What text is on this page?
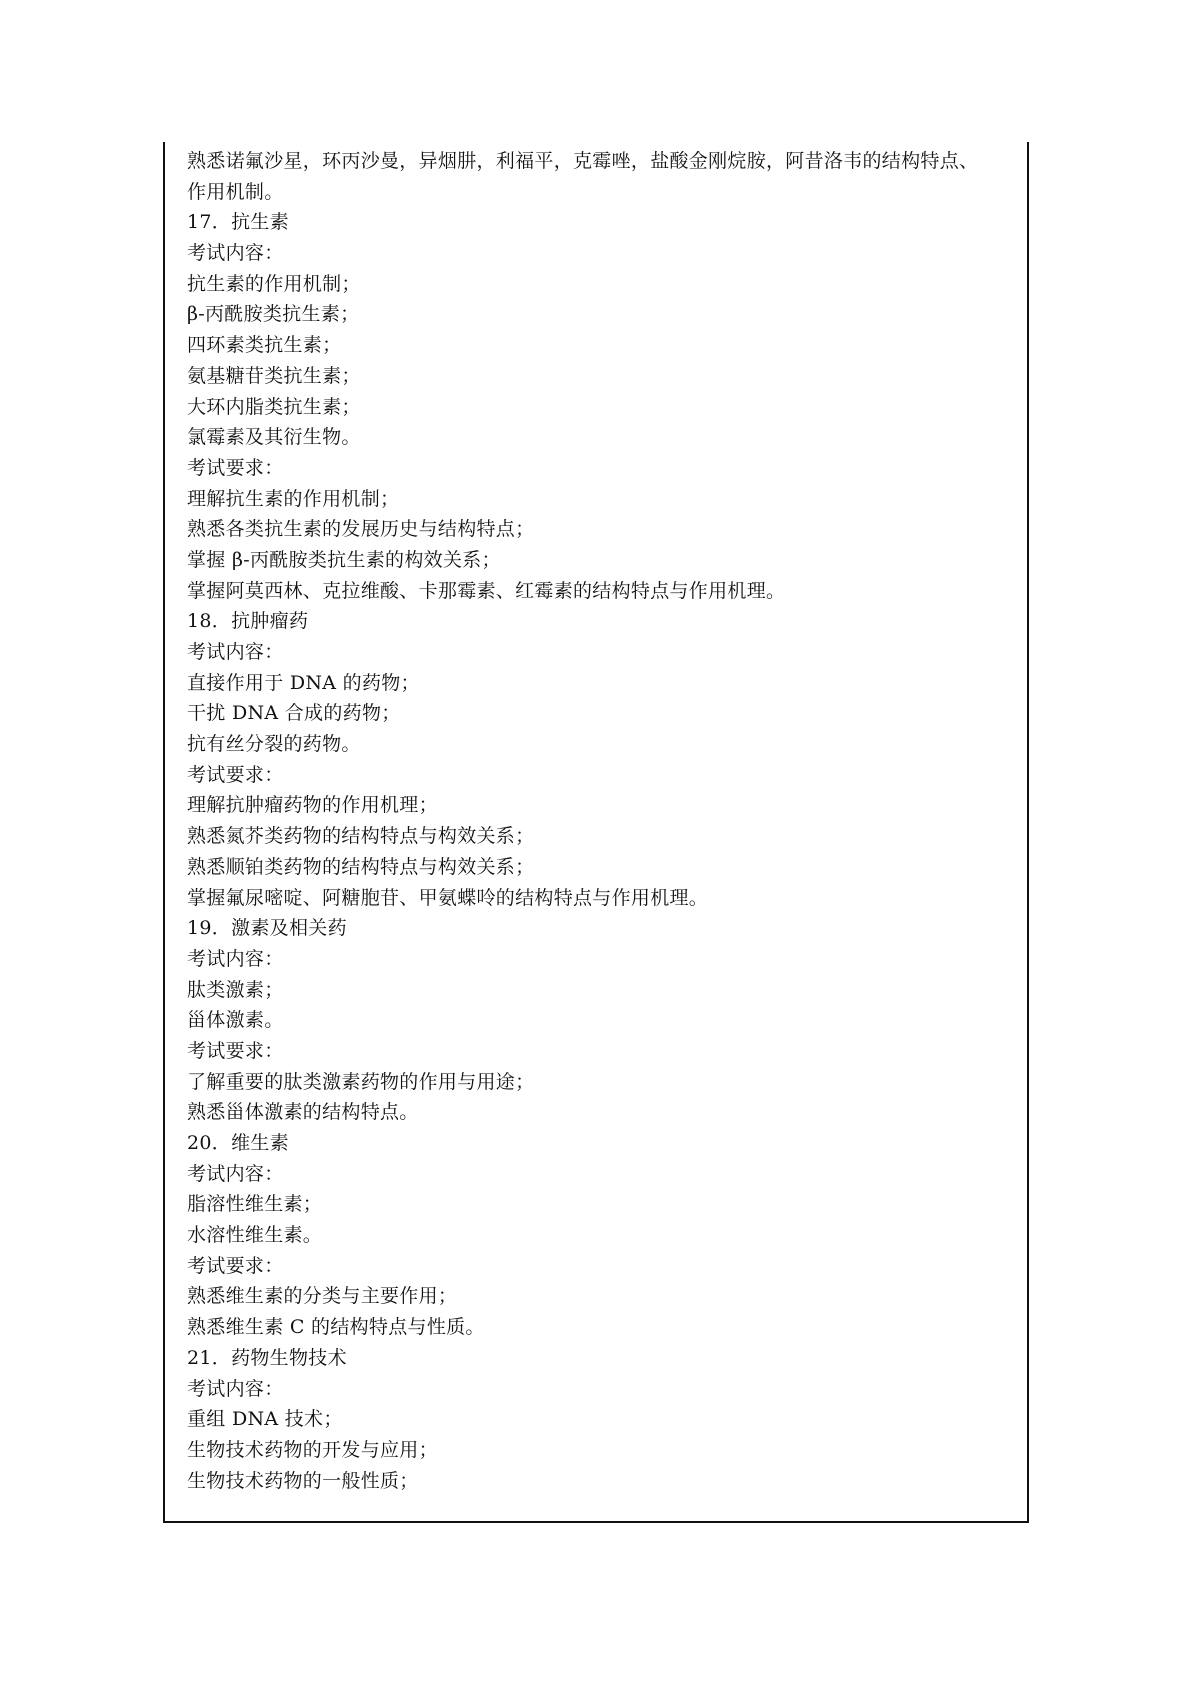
熟悉诺氟沙星，环丙沙曼，异烟肼，利福平，克霉唑，盐酸金刚烷胺，阿昔洛韦的结构特点、
作用机制。
17．抗生素
考试内容：
抗生素的作用机制；
β-丙酰胺类抗生素；
四环素类抗生素；
氨基糖苷类抗生素；
大环内脂类抗生素；
氯霉素及其衍生物。
考试要求：
理解抗生素的作用机制；
熟悉各类抗生素的发展历史与结构特点；
掌握 β-丙酰胺类抗生素的构效关系；
掌握阿莫西林、克拉维酸、卡那霉素、红霉素的结构特点与作用机理。
18．抗肿瘤药
考试内容：
直接作用于 DNA 的药物；
干扰 DNA 合成的药物；
抗有丝分裂的药物。
考试要求：
理解抗肿瘤药物的作用机理；
熟悉氮芥类药物的结构特点与构效关系；
熟悉顺铂类药物的结构特点与构效关系；
掌握氟尿嘧啶、阿糖胞苷、甲氨蝶呤的结构特点与作用机理。
19．激素及相关药
考试内容：
肽类激素；
甾体激素。
考试要求：
了解重要的肽类激素药物的作用与用途；
熟悉甾体激素的结构特点。
20．维生素
考试内容：
脂溶性维生素；
水溶性维生素。
考试要求：
熟悉维生素的分类与主要作用；
熟悉维生素 C 的结构特点与性质。
21．药物生物技术
考试内容：
重组 DNA 技术；
生物技术药物的开发与应用；
生物技术药物的一般性质；
